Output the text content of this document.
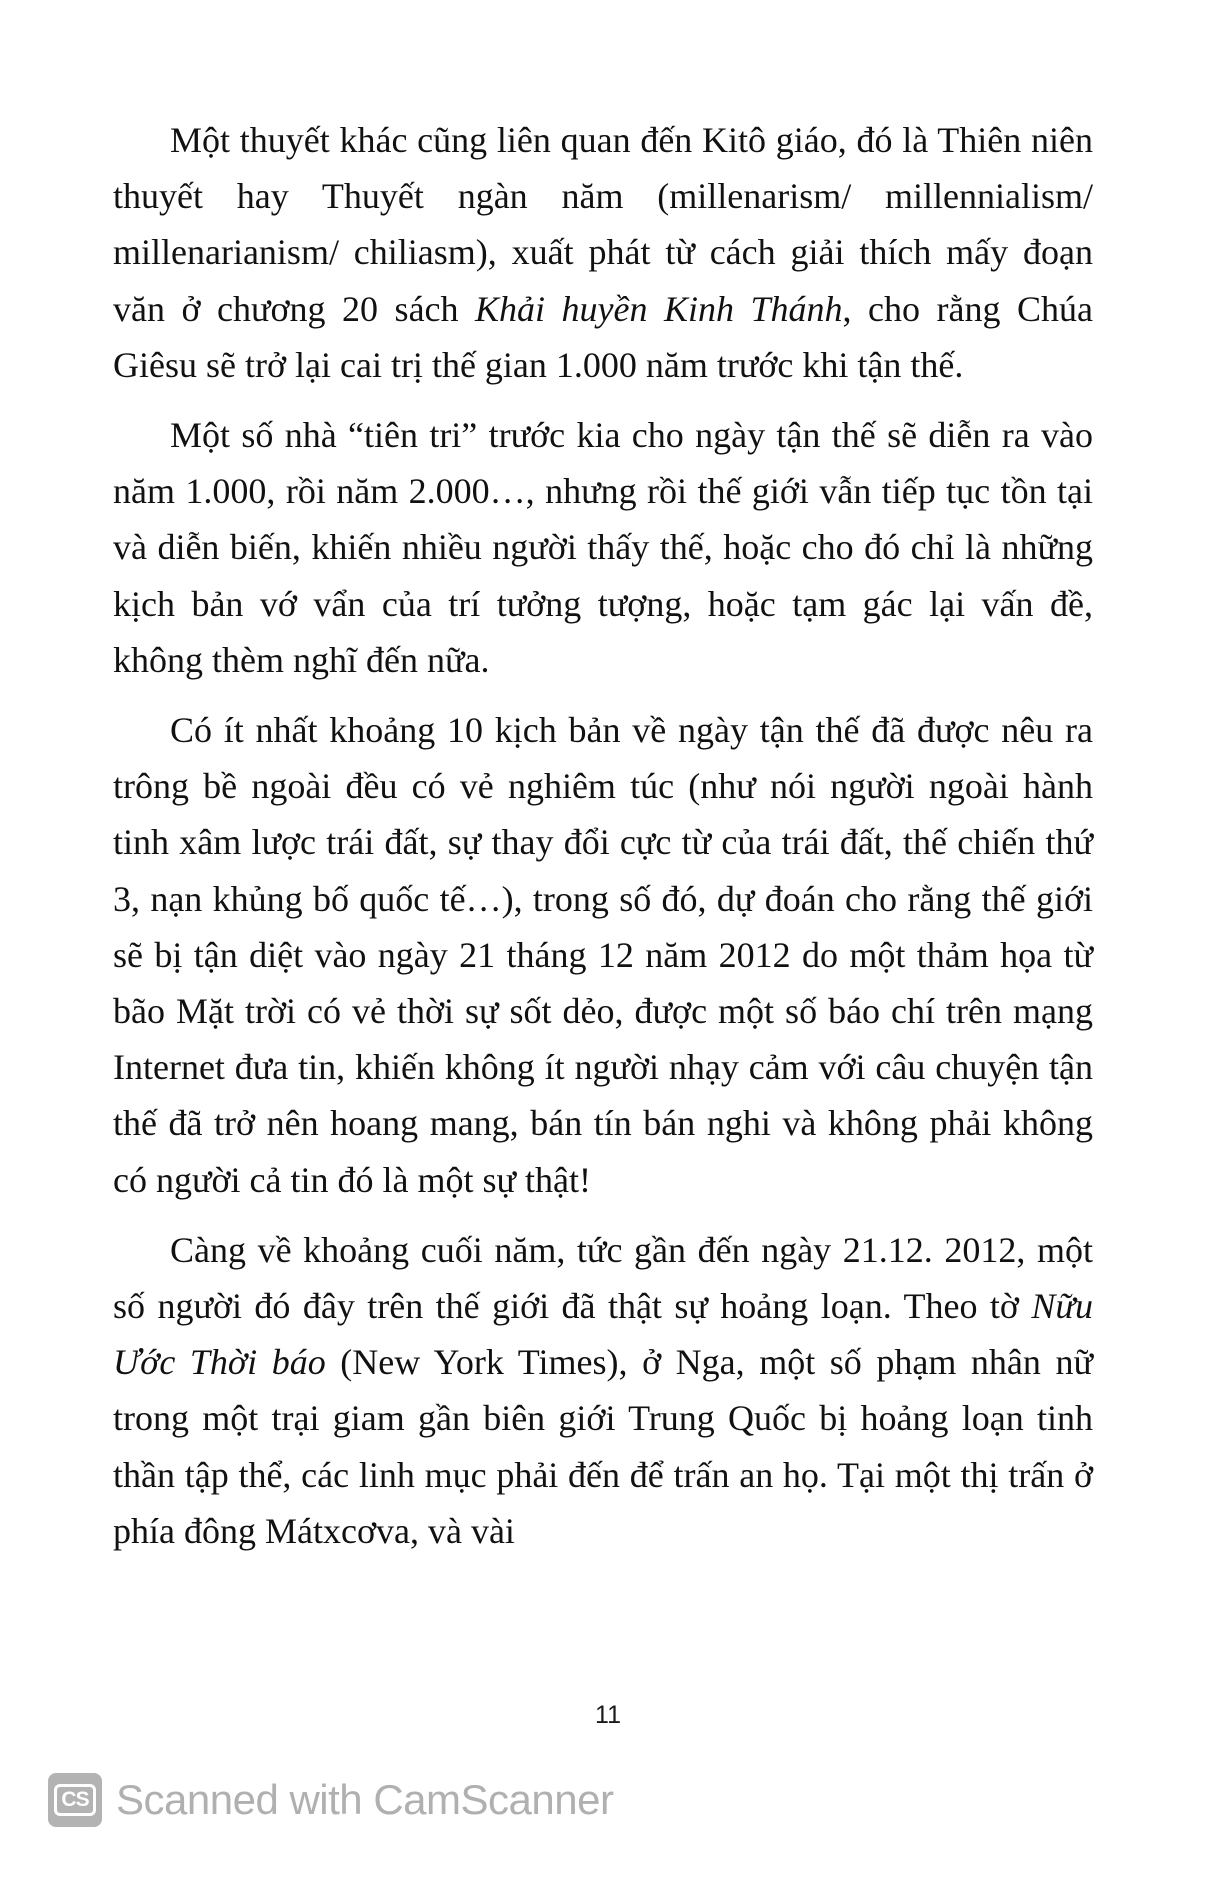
Một thuyết khác cũng liên quan đến Kitô giáo, đó là Thiên niên thuyết hay Thuyết ngàn năm (millenarism/ millennialism/ millenarianism/ chiliasm), xuất phát từ cách giải thích mấy đoạn văn ở chương 20 sách Khải huyền Kinh Thánh, cho rằng Chúa Giêsu sẽ trở lại cai trị thế gian 1.000 năm trước khi tận thế.

Một số nhà “tiên tri” trước kia cho ngày tận thế sẽ diễn ra vào năm 1.000, rồi năm 2.000…, nhưng rồi thế giới vẫn tiếp tục tồn tại và diễn biến, khiến nhiều người thấy thế, hoặc cho đó chỉ là những kịch bản vớ vẩn của trí tưởng tượng, hoặc tạm gác lại vấn đề, không thèm nghĩ đến nữa.

Có ít nhất khoảng 10 kịch bản về ngày tận thế đã được nêu ra trông bề ngoài đều có vẻ nghiêm túc (như nói người ngoài hành tinh xâm lược trái đất, sự thay đổi cực từ của trái đất, thế chiến thứ 3, nạn khủng bố quốc tế…), trong số đó, dự đoán cho rằng thế giới sẽ bị tận diệt vào ngày 21 tháng 12 năm 2012 do một thảm họa từ bão Mặt trời có vẻ thời sự sốt dẻo, được một số báo chí trên mạng Internet đưa tin, khiến không ít người nhạy cảm với câu chuyện tận thế đã trở nên hoang mang, bán tín bán nghi và không phải không có người cả tin đó là một sự thật!

Càng về khoảng cuối năm, tức gần đến ngày 21.12. 2012, một số người đó đây trên thế giới đã thật sự hoảng loạn. Theo tờ Nữu Ước Thời báo (New York Times), ở Nga, một số phạm nhân nữ trong một trại giam gần biên giới Trung Quốc bị hoảng loạn tinh thần tập thể, các linh mục phải đến để trấn an họ. Tại một thị trấn ở phía đông Mátxcơva, và vài

11
CS Scanned with CamScanner
